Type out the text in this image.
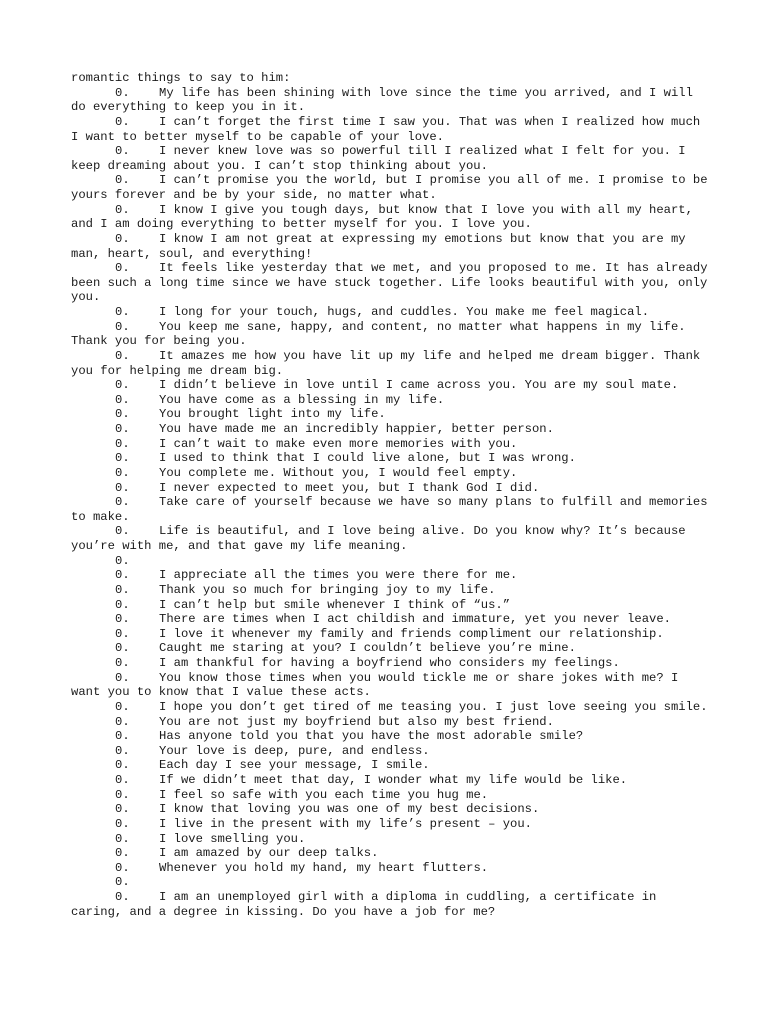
romantic things to say to him:

0. My life has been shining with love since the time you arrived, and I will do everything to keep you in it.
0. I can’t forget the first time I saw you. That was when I realized how much I want to better myself to be capable of your love.
0. I never knew love was so powerful till I realized what I felt for you. I keep dreaming about you. I can’t stop thinking about you.
0. I can’t promise you the world, but I promise you all of me. I promise to be yours forever and be by your side, no matter what.
0. I know I give you tough days, but know that I love you with all my heart, and I am doing everything to better myself for you. I love you.
0. I know I am not great at expressing my emotions but know that you are my man, heart, soul, and everything!
0. It feels like yesterday that we met, and you proposed to me. It has already been such a long time since we have stuck together. Life looks beautiful with you, only you.
0. I long for your touch, hugs, and cuddles. You make me feel magical.
0. You keep me sane, happy, and content, no matter what happens in my life. Thank you for being you.
0. It amazes me how you have lit up my life and helped me dream bigger. Thank you for helping me dream big.
0. I didn’t believe in love until I came across you. You are my soul mate.
0. You have come as a blessing in my life.
0. You brought light into my life.
0. You have made me an incredibly happier, better person.
0. I can’t wait to make even more memories with you.
0. I used to think that I could live alone, but I was wrong.
0. You complete me. Without you, I would feel empty.
0. I never expected to meet you, but I thank God I did.
0. Take care of yourself because we have so many plans to fulfill and memories to make.
0. Life is beautiful, and I love being alive. Do you know why? It’s because you’re with me, and that gave my life meaning.
0.
0. I appreciate all the times you were there for me.
0. Thank you so much for bringing joy to my life.
0. I can’t help but smile whenever I think of “us.”
0. There are times when I act childish and immature, yet you never leave.
0. I love it whenever my family and friends compliment our relationship.
0. Caught me staring at you? I couldn’t believe you’re mine.
0. I am thankful for having a boyfriend who considers my feelings.
0. You know those times when you would tickle me or share jokes with me? I want you to know that I value these acts.
0. I hope you don’t get tired of me teasing you. I just love seeing you smile.
0. You are not just my boyfriend but also my best friend.
0. Has anyone told you that you have the most adorable smile?
0. Your love is deep, pure, and endless.
0. Each day I see your message, I smile.
0. If we didn’t meet that day, I wonder what my life would be like.
0. I feel so safe with you each time you hug me.
0. I know that loving you was one of my best decisions.
0. I live in the present with my life’s present – you.
0. I love smelling you.
0. I am amazed by our deep talks.
0. Whenever you hold my hand, my heart flutters.
0.
0. I am an unemployed girl with a diploma in cuddling, a certificate in caring, and a degree in kissing. Do you have a job for me?
